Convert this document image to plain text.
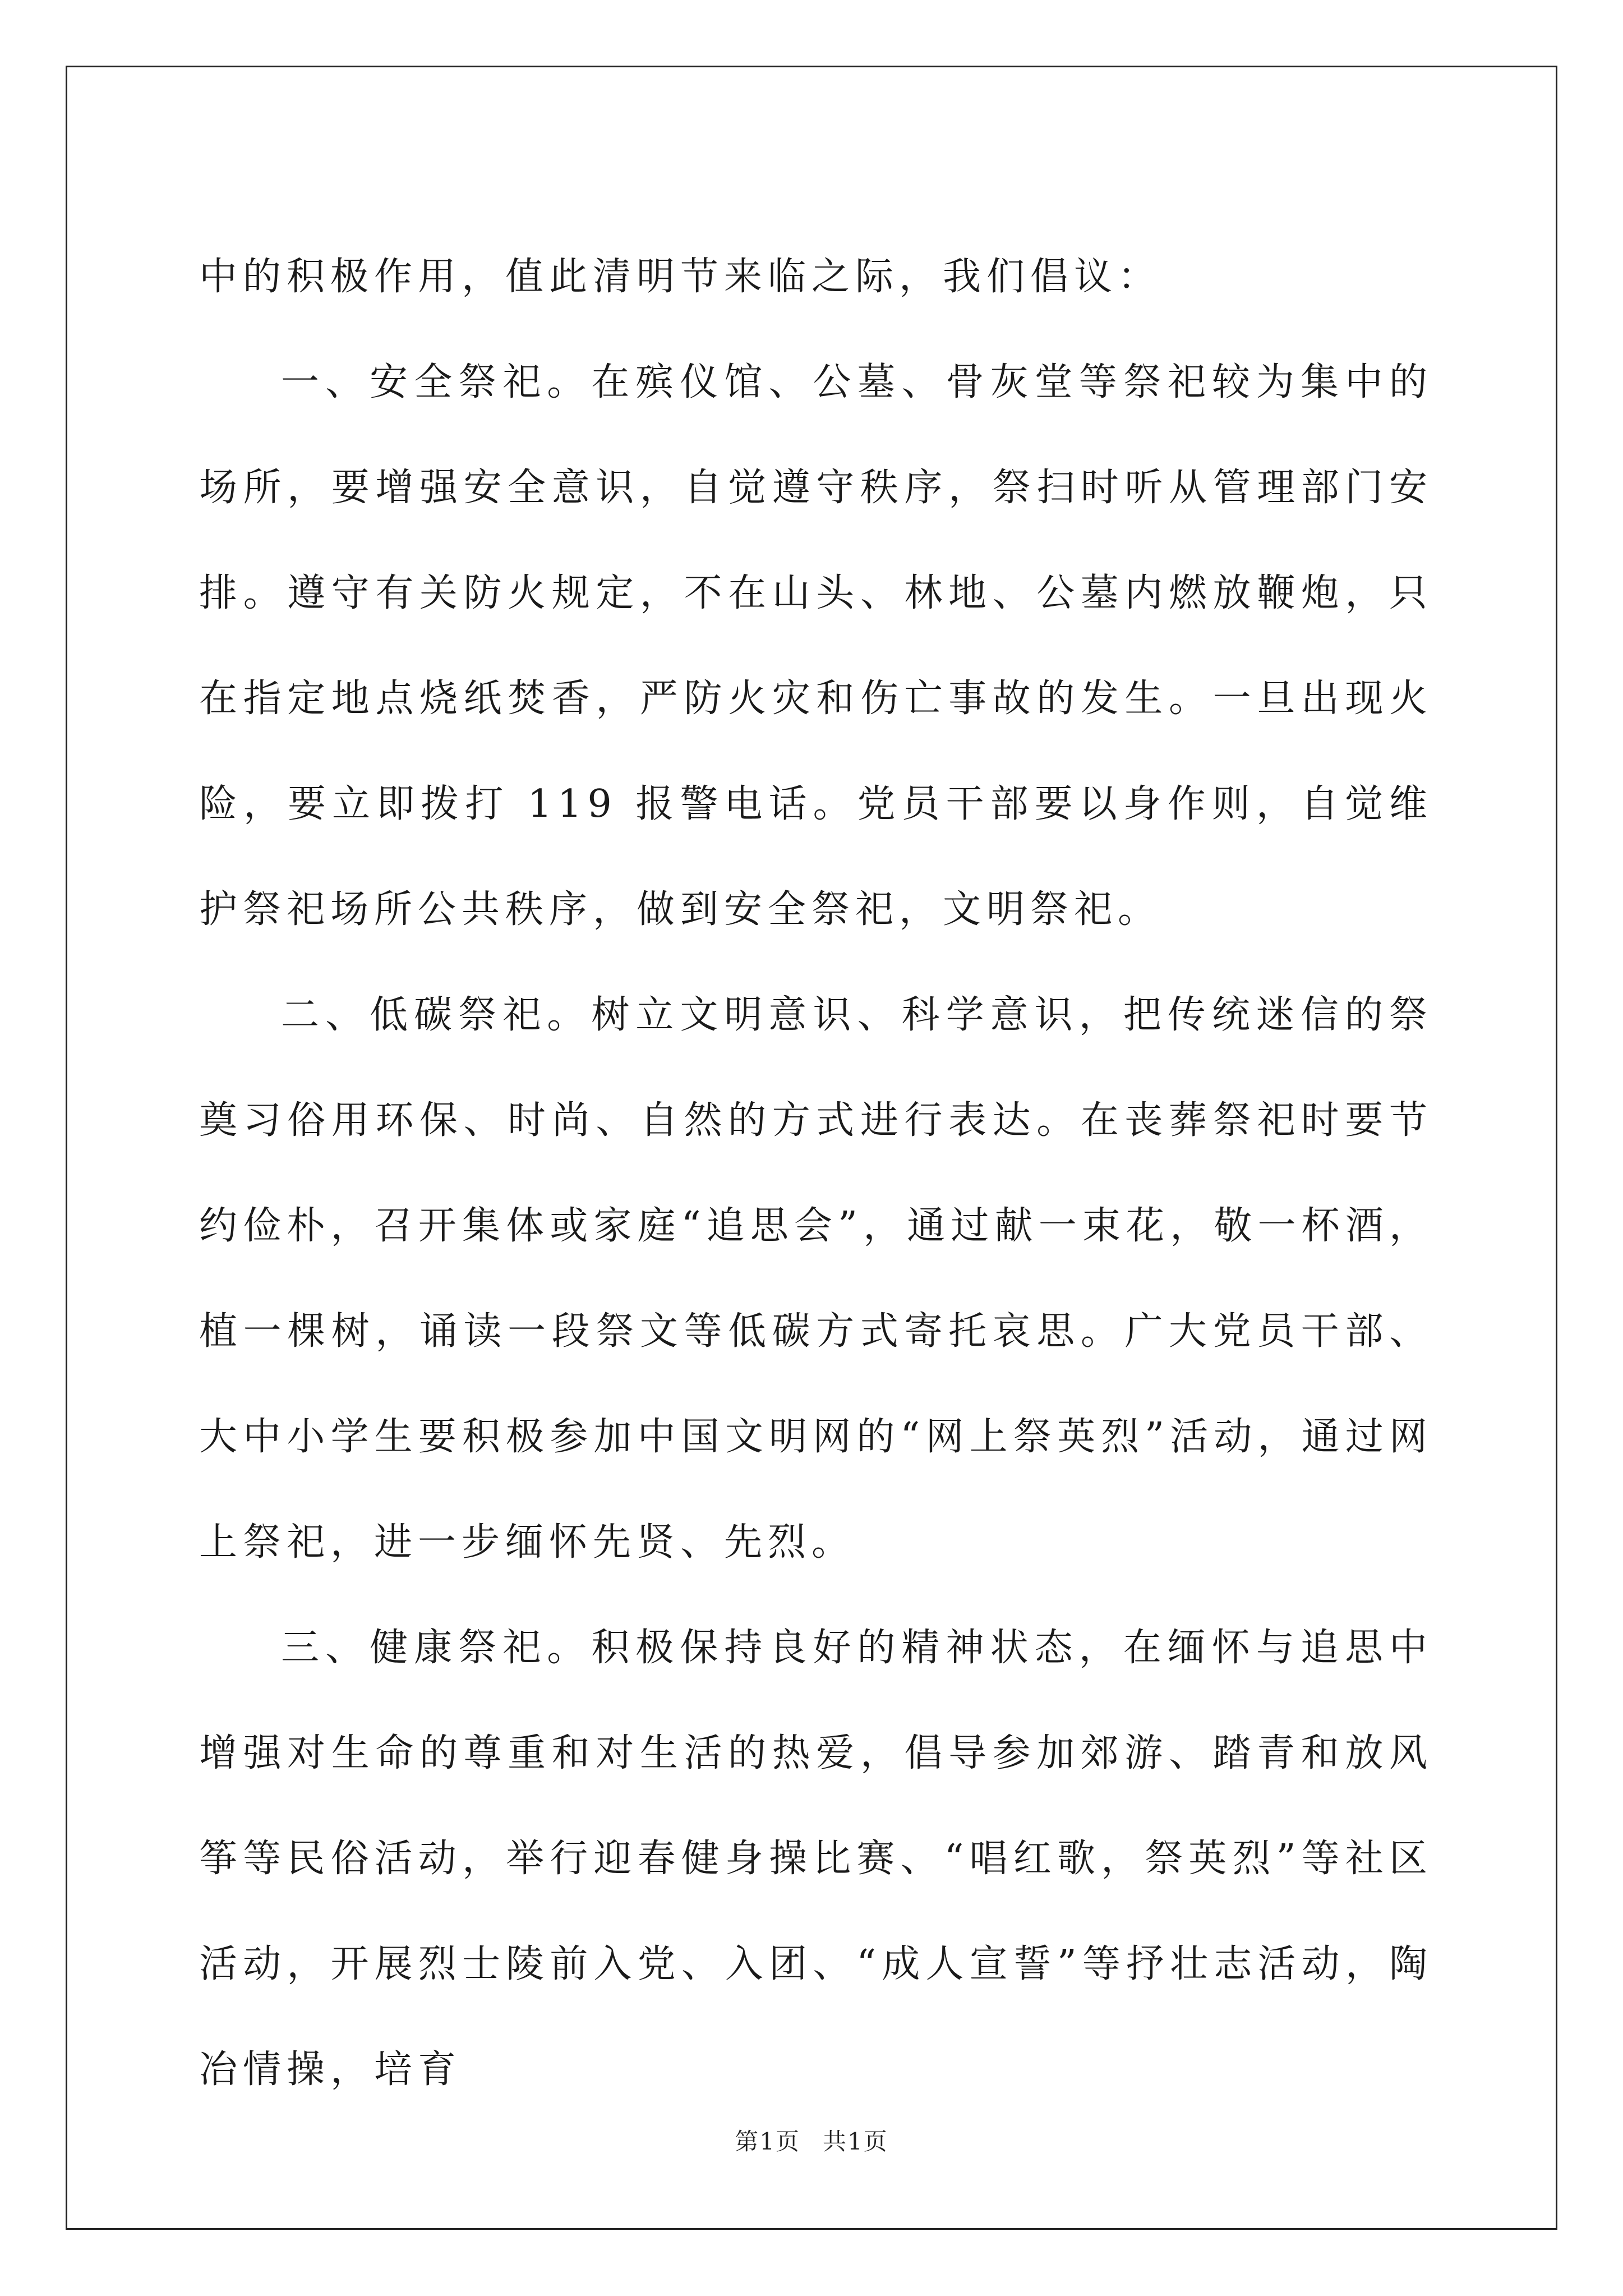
中的积极作用，值此清明节来临之际，我们倡议：

一、安全祭祀。在殡仪馆、公墓、骨灰堂等祭祀较为集中的场所，要增强安全意识，自觉遵守秩序，祭扫时听从管理部门安排。遵守有关防火规定，不在山头、林地、公墓内燃放鞭炮，只在指定地点烧纸焚香，严防火灾和伤亡事故的发生。一旦出现火险，要立即拨打 119 报警电话。党员干部要以身作则，自觉维护祭祀场所公共秩序，做到安全祭祀，文明祭祀。

二、低碳祭祀。树立文明意识、科学意识，把传统迷信的祭奠习俗用环保、时尚、自然的方式进行表达。在丧葬祭祀时要节约俭朴，召开集体或家庭“追思会”，通过献一束花，敬一杯酒，植一棵树，诵读一段祭文等低碳方式寄托哀思。广大党员干部、大中小学生要积极参加中国文明网的“网上祭英烈”活动，通过网上祭祀，进一步缅怀先贤、先烈。

三、健康祭祀。积极保持良好的精神状态，在缅怀与追思中增强对生命的尊重和对生活的热爱，倡导参加郊游、踏青和放风筝等民俗活动，举行迎春健身操比赛、“唱红歌，祭英烈”等社区活动，开展烈士陵前入党、入团、“成人宣誓”等抒壮志活动，陶冶情操，培育

第1页 共1页
